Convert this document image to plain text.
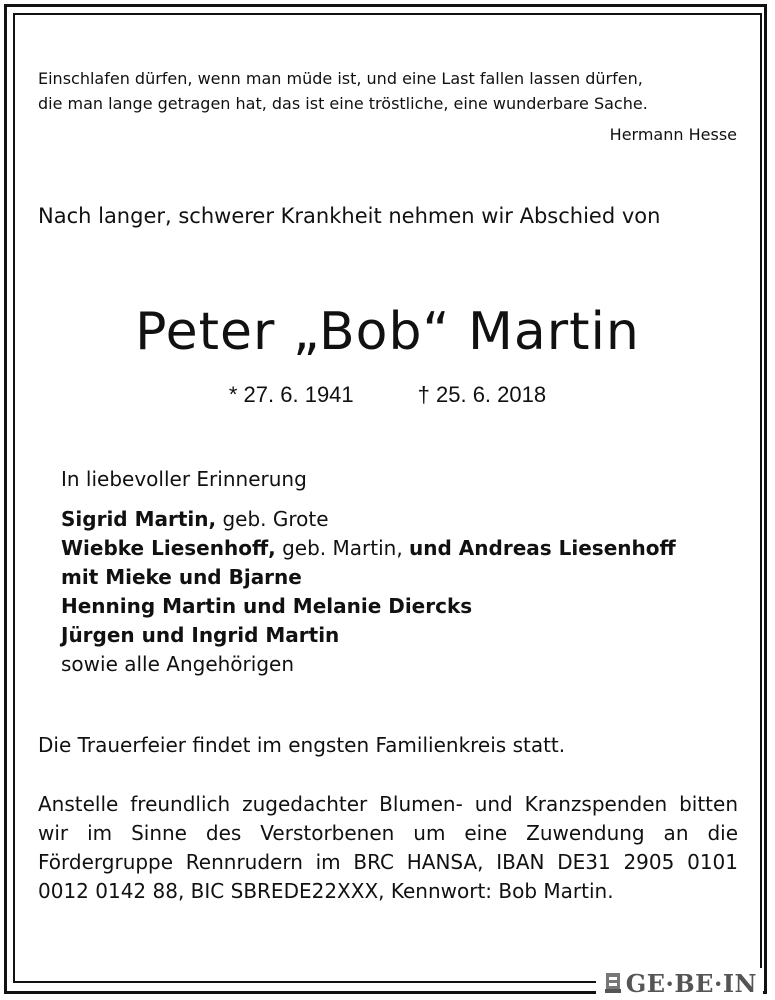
Einschlafen dürfen, wenn man müde ist, und eine Last fallen lassen dürfen,
die man lange getragen hat, das ist eine tröstliche, eine wunderbare Sache.
Hermann Hesse
Nach langer, schwerer Krankheit nehmen wir Abschied von
Peter „Bob“ Martin
* 27. 6. 1941	† 25. 6. 2018
In liebevoller Erinnerung
Sigrid Martin, geb. Grote
Wiebke Liesenhoff, geb. Martin, und Andreas Liesenhoff
mit Mieke und Bjarne
Henning Martin und Melanie Diercks
Jürgen und Ingrid Martin
sowie alle Angehörigen
Die Trauerfeier findet im engsten Familienkreis statt.
Anstelle freundlich zugedachter Blumen- und Kranzspenden bitten wir im Sinne des Verstorbenen um eine Zuwendung an die Fördergruppe Rennrudern im BRC HANSA, IBAN DE31 2905 0101 0012 0142 88, BIC SBREDE22XXX, Kennwort: Bob Martin.
GE·BE·IN
